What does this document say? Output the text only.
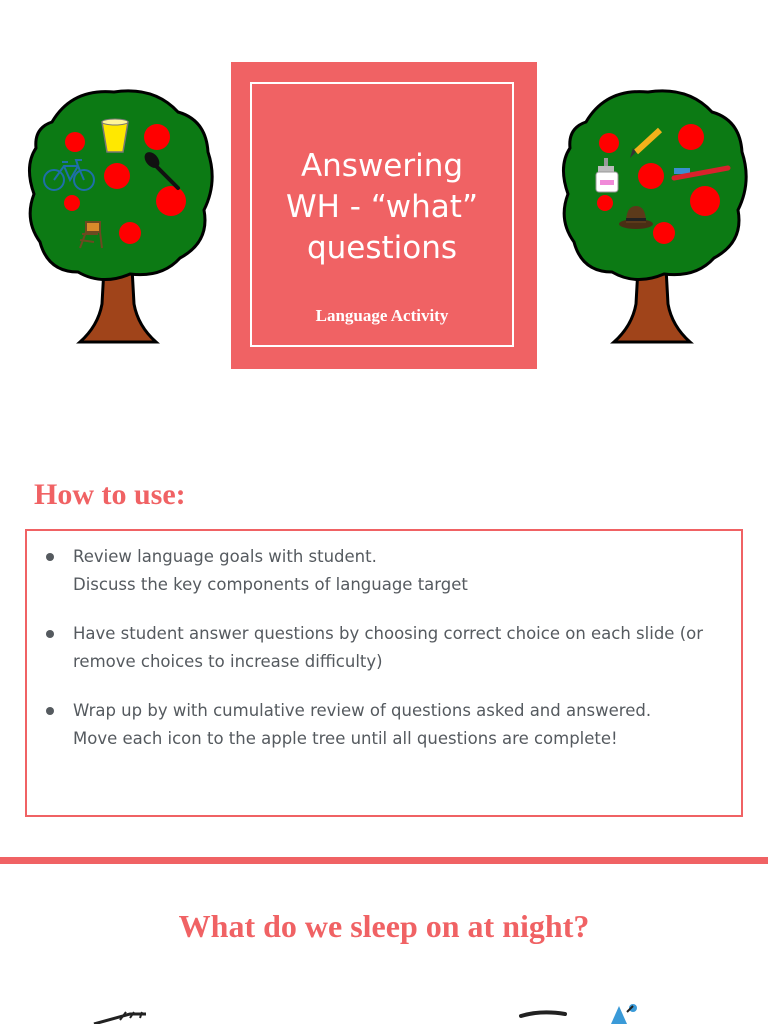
Answering
WH - “what”
questions
Language Activity
How to use:
Review language goals with student.
Discuss the key components of language target
Have student answer questions by choosing correct choice on each slide (or
remove choices to increase difficulty)
Wrap up by with cumulative review of questions asked and answered.
Move each icon to the apple tree until all questions are complete!
What do we sleep on at night?
